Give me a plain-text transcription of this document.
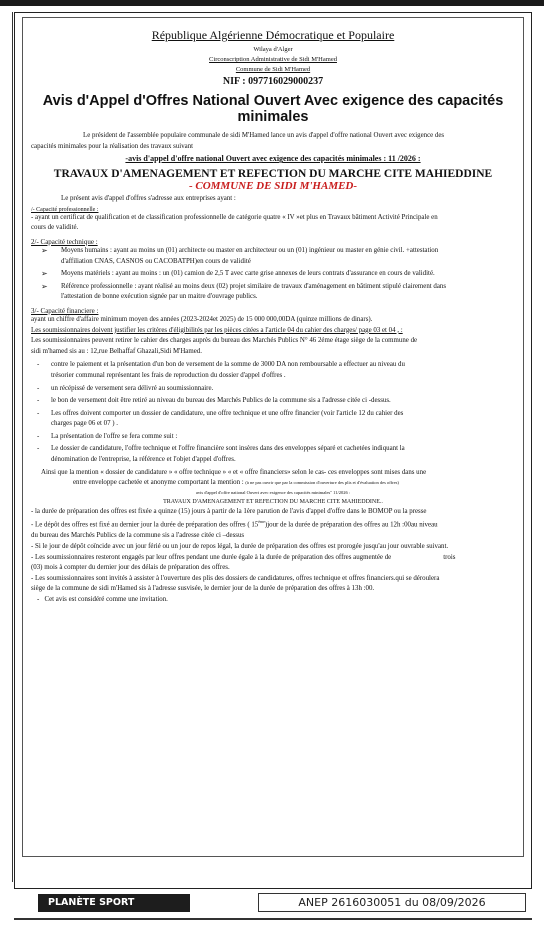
République Algérienne Démocratique et Populaire
Wilaya d'Alger
Circonscription Administrative de Sidi M'Hamed
Commune de Sidi M'Hamed
NIF : 097716029000237
Avis d'Appel d'Offres National Ouvert Avec exigence des capacités minimales

Le président de l'assemblée populaire communale de sidi M'Hamed lance un avis d'appel d'offre national Ouvert avec exigence des

capacités minimales pour la réalisation des travaux suivant

-avis d'appel d'offre national Ouvert avec exigence des capacités minimales : 11 /2026 :
TRAVAUX D'AMENAGEMENT ET REFECTION DU MARCHE CITE MAHIEDDINE
- COMMUNE DE SIDI M'HAMED-

Le présent avis d'appel d'offres s'adresse aux entreprises ayant :

/- Capacité professionnelle :

- ayant un certificat de qualification et de classification professionnelle de catégorie quatre « IV »et plus en Travaux bâtiment Activité Principale en

cours de validité.

2/- Capacité technique :
➢ Moyens humains : ayant au moins un (01) architecte ou master en architecteur ou un (01) ingénieur ou master en génie civil. +attestation

d'affiliation CNAS, CASNOS ou CACOBATPH)en cours de validité

➢ Moyens matériels : ayant au moins : un (01) camion de 2,5 T avec carte grise annexes de leurs contrats d'assurance en cours de validité.

➢ Référence professionnelle : ayant réalisé au moins deux (02) projet similaire de travaux d'aménagement en bâtiment stipulé clairement dans

l'attestation de bonne exécution signée par un maitre d'ouvrage publics.

3/- Capacité financiere :

ayant un chiffre d'affaire minimum moyen des années (2023-2024et 2025) de 15 000 000,00DA (quinze millions de dinars).

Les soumissionnaires doivent justifier les critères d'éligibilités par les pièces citées a l'article 04 du cahier des charges/ page 03 et 04 , :

Les soumissionnaires peuvent retirer le cahier des charges auprès du bureau des Marchés Publics N° 46 2éme étage siège de la commune de

sidi m'hamed sis au : 12,rue Belhaffaf Ghazali,Sidi M'Hamed.

- contre le paiement et la présentation d'un bon de versement de la somme de 3000 DA non remboursable a effectuer au niveau du

trésorier communal représentant les frais de reproduction du dossier d'appel d'offres .

- un récépissé de versement sera délivré au soumissionnaire.

- le bon de versement doit être retiré au niveau du bureau des Marchés Publics de la commune sis a l'adresse citée ci -dessus.

- Les offres doivent comporter un dossier de candidature, une offre technique et une offre financier (voir l'article 12 du cahier des

charges page 06 et 07 ) .

- La présentation de l'offre se fera comme suit :

- Le dossier de candidature, l'offre technique et l'offre financière sont insères dans des enveloppes séparé et cachetées indiquant la

dénomination de l'entreprise, la référence et l'objet d'appel d'offres.

Ainsi que la mention « dossier de candidature » « offre technique » « et « offre financiers» selon le cas- ces enveloppes sont mises dans une

entre enveloppe cachetée et anonyme comportant la mention : (à ne pas ouvrir que par la commission d'ouverture des plis et d'évaluation des offres)

avis d'appel d'offre national Ouvert avec exigence des capacités minimales" 11/2026 :
TRAVAUX D'AMENAGEMENT ET REFECTION DU MARCHE CITE MAHIEDDINE..

- la durée de préparation des offres est fixée a quinze (15) jours à partir de la 1ère parution de l'avis d'appel d'offre dans le BOMOP ou la presse

- Le dépôt des offres est fixé au dernier jour la durée de préparation des offres ( 15ème)jour de la durée de préparation des offres au 12h :00au niveau

du bureau des Marchés Publics de la commune sis a l'adresse citée ci –dessus

- Si le jour de dépôt coïncide avec un jour férié ou un jour de repos légal, la durée de préparation des offres est prorogée jusqu'au jour ouvrable suivant.

- Les soumissionnaires resteront engagés par leur offres pendant une durée égale à la durée de préparation des offres augmentée de	trois

(03) mois à compter du dernier jour des délais de préparation des offres.

- Les soumissionnaires sont invités à assister à l'ouverture des plis des dossiers de candidatures, offres technique et offres financiers.qui se déroulera

siège de la commune de sidi m'Hamed sis à l'adresse susvisée, le dernier jour de la durée de préparation des offres à 13h :00.

-   Cet avis est considéré comme une invitation.

PLANÈTE SPORT	ANEP 2616030051 du 08/09/2026
